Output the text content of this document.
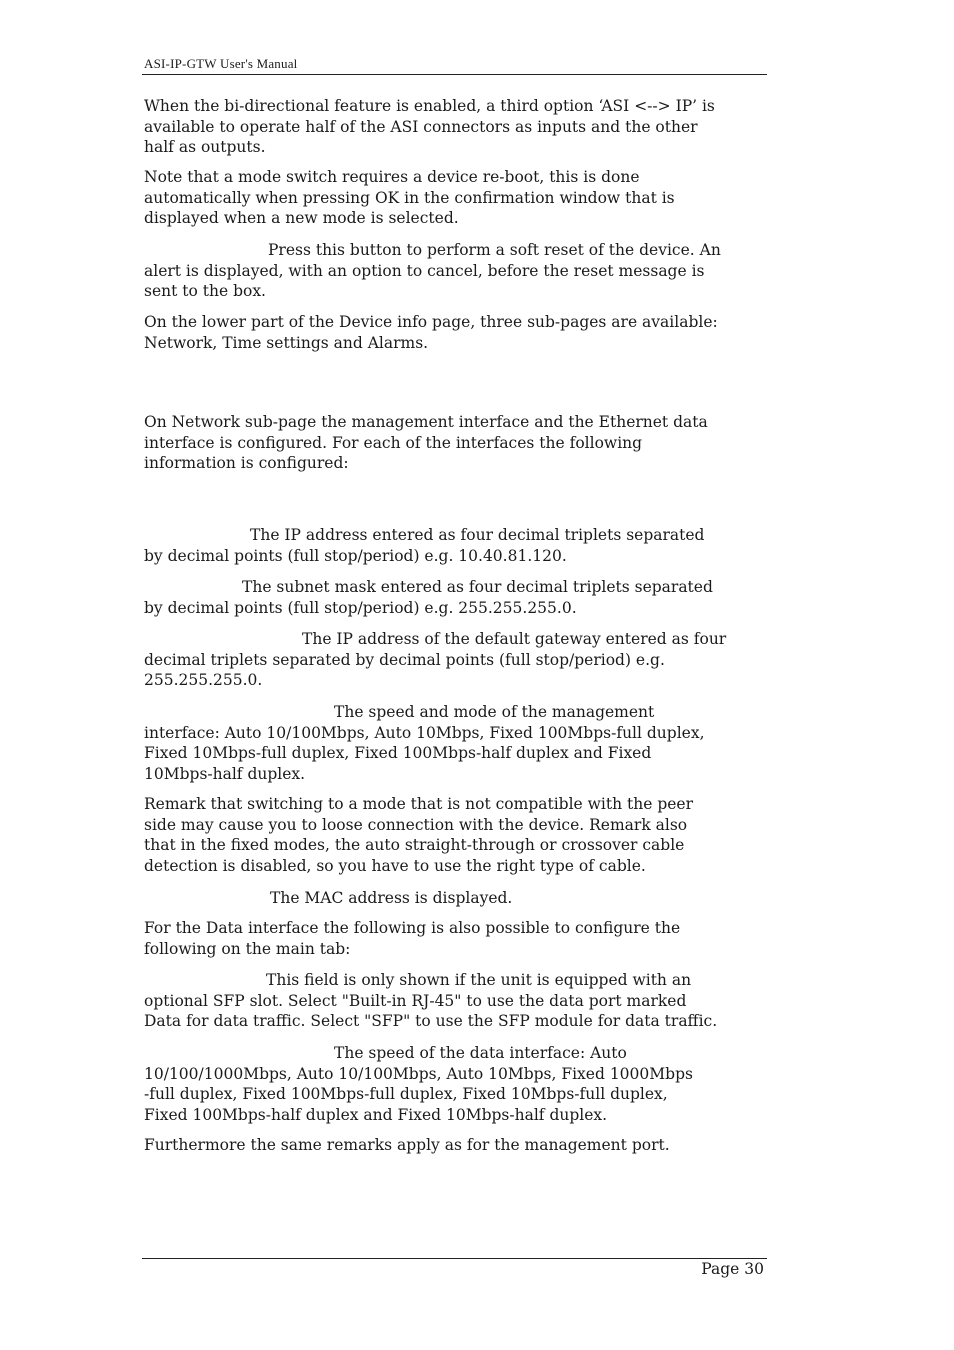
ASI-IP-GTW User's Manual
When the bi-directional feature is enabled, a third option ‘ASI <--> IP’ is
available to operate half of the ASI connectors as inputs and the other
half as outputs.
Note that a mode switch requires a device re-boot, this is done
automatically when pressing OK in the confirmation window that is
displayed when a new mode is selected.
Press this button to perform a soft reset of the device. An
alert is displayed, with an option to cancel, before the reset message is
sent to the box.
On the lower part of the Device info page, three sub-pages are available:
Network, Time settings and Alarms.
On Network sub-page the management interface and the Ethernet data
interface is configured. For each of the interfaces the following
information is configured:
The IP address entered as four decimal triplets separated
by decimal points (full stop/period) e.g. 10.40.81.120.
The subnet mask entered as four decimal triplets separated
by decimal points (full stop/period) e.g. 255.255.255.0.
The IP address of the default gateway entered as four
decimal triplets separated by decimal points (full stop/period) e.g.
255.255.255.0.
The speed and mode of the management
interface: Auto 10/100Mbps, Auto 10Mbps, Fixed 100Mbps-full duplex,
Fixed 10Mbps-full duplex, Fixed 100Mbps-half duplex and Fixed
10Mbps-half duplex.
Remark that switching to a mode that is not compatible with the peer
side may cause you to loose connection with the device. Remark also
that in the fixed modes, the auto straight-through or crossover cable
detection is disabled, so you have to use the right type of cable.
The MAC address is displayed.
For the Data interface the following is also possible to configure the
following on the main tab:
This field is only shown if the unit is equipped with an
optional SFP slot. Select "Built-in RJ-45" to use the data port marked
Data for data traffic. Select "SFP" to use the SFP module for data traffic.
The speed of the data interface: Auto
10/100/1000Mbps, Auto 10/100Mbps, Auto 10Mbps, Fixed 1000Mbps
-full duplex, Fixed 100Mbps-full duplex, Fixed 10Mbps-full duplex,
Fixed 100Mbps-half duplex and Fixed 10Mbps-half duplex.
Furthermore the same remarks apply as for the management port.
Page 30
